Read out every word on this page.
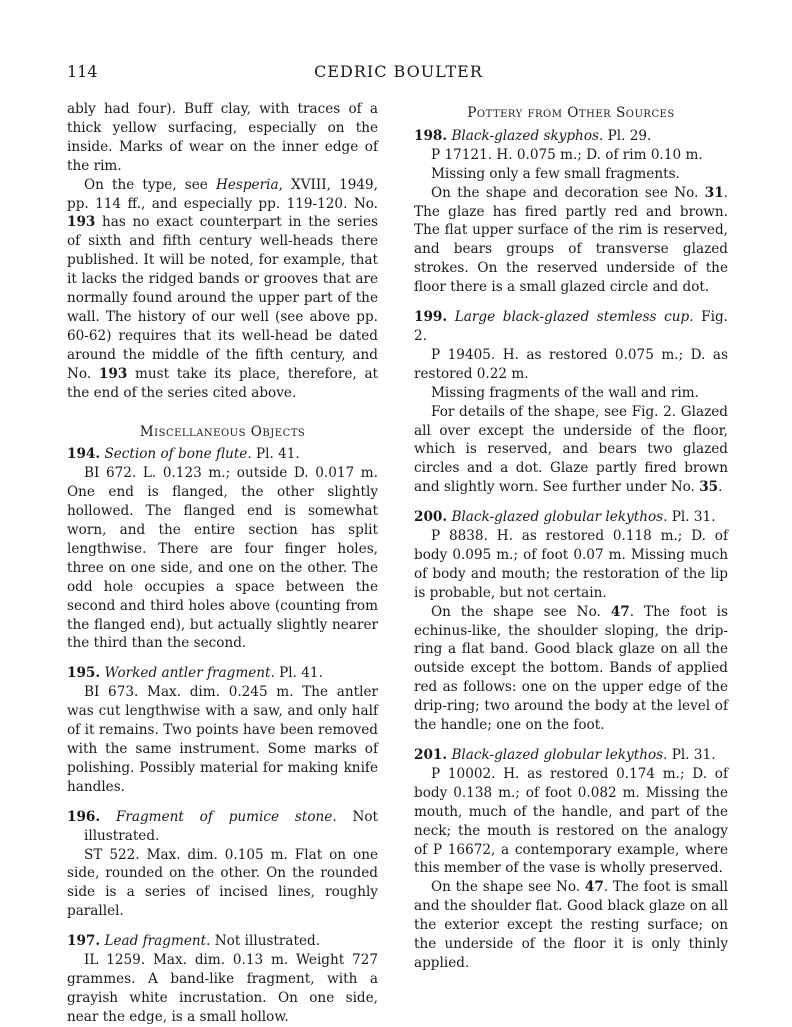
114	CEDRIC BOULTER

ably had four). Buff clay, with traces of a thick yellow surfacing, especially on the inside. Marks of wear on the inner edge of the rim.

On the type, see Hesperia, XVIII, 1949, pp. 114 ff., and especially pp. 119-120. No. 193 has no exact counterpart in the series of sixth and fifth century well-heads there published. It will be noted, for example, that it lacks the ridged bands or grooves that are normally found around the upper part of the wall. The history of our well (see above pp. 60-62) requires that its well-head be dated around the middle of the fifth century, and No. 193 must take its place, therefore, at the end of the series cited above.

Miscellaneous Objects

194. Section of bone flute. Pl. 41.

BI 672. L. 0.123 m.; outside D. 0.017 m. One end is flanged, the other slightly hollowed. The flanged end is somewhat worn, and the entire section has split lengthwise. There are four finger holes, three on one side, and one on the other. The odd hole occupies a space between the second and third holes above (counting from the flanged end), but actually slightly nearer the third than the second.

195. Worked antler fragment. Pl. 41.

BI 673. Max. dim. 0.245 m. The antler was cut lengthwise with a saw, and only half of it remains. Two points have been removed with the same instrument. Some marks of polishing. Possibly material for making knife handles.

196. Fragment of pumice stone. Not illustrated.

ST 522. Max. dim. 0.105 m. Flat on one side, rounded on the other. On the rounded side is a series of incised lines, roughly parallel.

197. Lead fragment. Not illustrated.

IL 1259. Max. dim. 0.13 m. Weight 727 grammes. A band-like fragment, with a grayish white incrustation. On one side, near the edge, is a small hollow.

Pottery from Other Sources

198. Black-glazed skyphos. Pl. 29.

P 17121. H. 0.075 m.; D. of rim 0.10 m.

Missing only a few small fragments.

On the shape and decoration see No. 31. The glaze has fired partly red and brown. The flat upper surface of the rim is reserved, and bears groups of transverse glazed strokes. On the reserved underside of the floor there is a small glazed circle and dot.

199. Large black-glazed stemless cup. Fig. 2.

P 19405. H. as restored 0.075 m.; D. as restored 0.22 m.

Missing fragments of the wall and rim.

For details of the shape, see Fig. 2. Glazed all over except the underside of the floor, which is reserved, and bears two glazed circles and a dot. Glaze partly fired brown and slightly worn. See further under No. 35.

200. Black-glazed globular lekythos. Pl. 31.

P 8838. H. as restored 0.118 m.; D. of body 0.095 m.; of foot 0.07 m. Missing much of body and mouth; the restoration of the lip is probable, but not certain.

On the shape see No. 47. The foot is echinus-like, the shoulder sloping, the drip-ring a flat band. Good black glaze on all the outside except the bottom. Bands of applied red as follows: one on the upper edge of the drip-ring; two around the body at the level of the handle; one on the foot.

201. Black-glazed globular lekythos. Pl. 31.

P 10002. H. as restored 0.174 m.; D. of body 0.138 m.; of foot 0.082 m. Missing the mouth, much of the handle, and part of the neck; the mouth is restored on the analogy of P 16672, a contemporary example, where this member of the vase is wholly preserved.

On the shape see No. 47. The foot is small and the shoulder flat. Good black glaze on all the exterior except the resting surface; on the underside of the floor it is only thinly applied.
